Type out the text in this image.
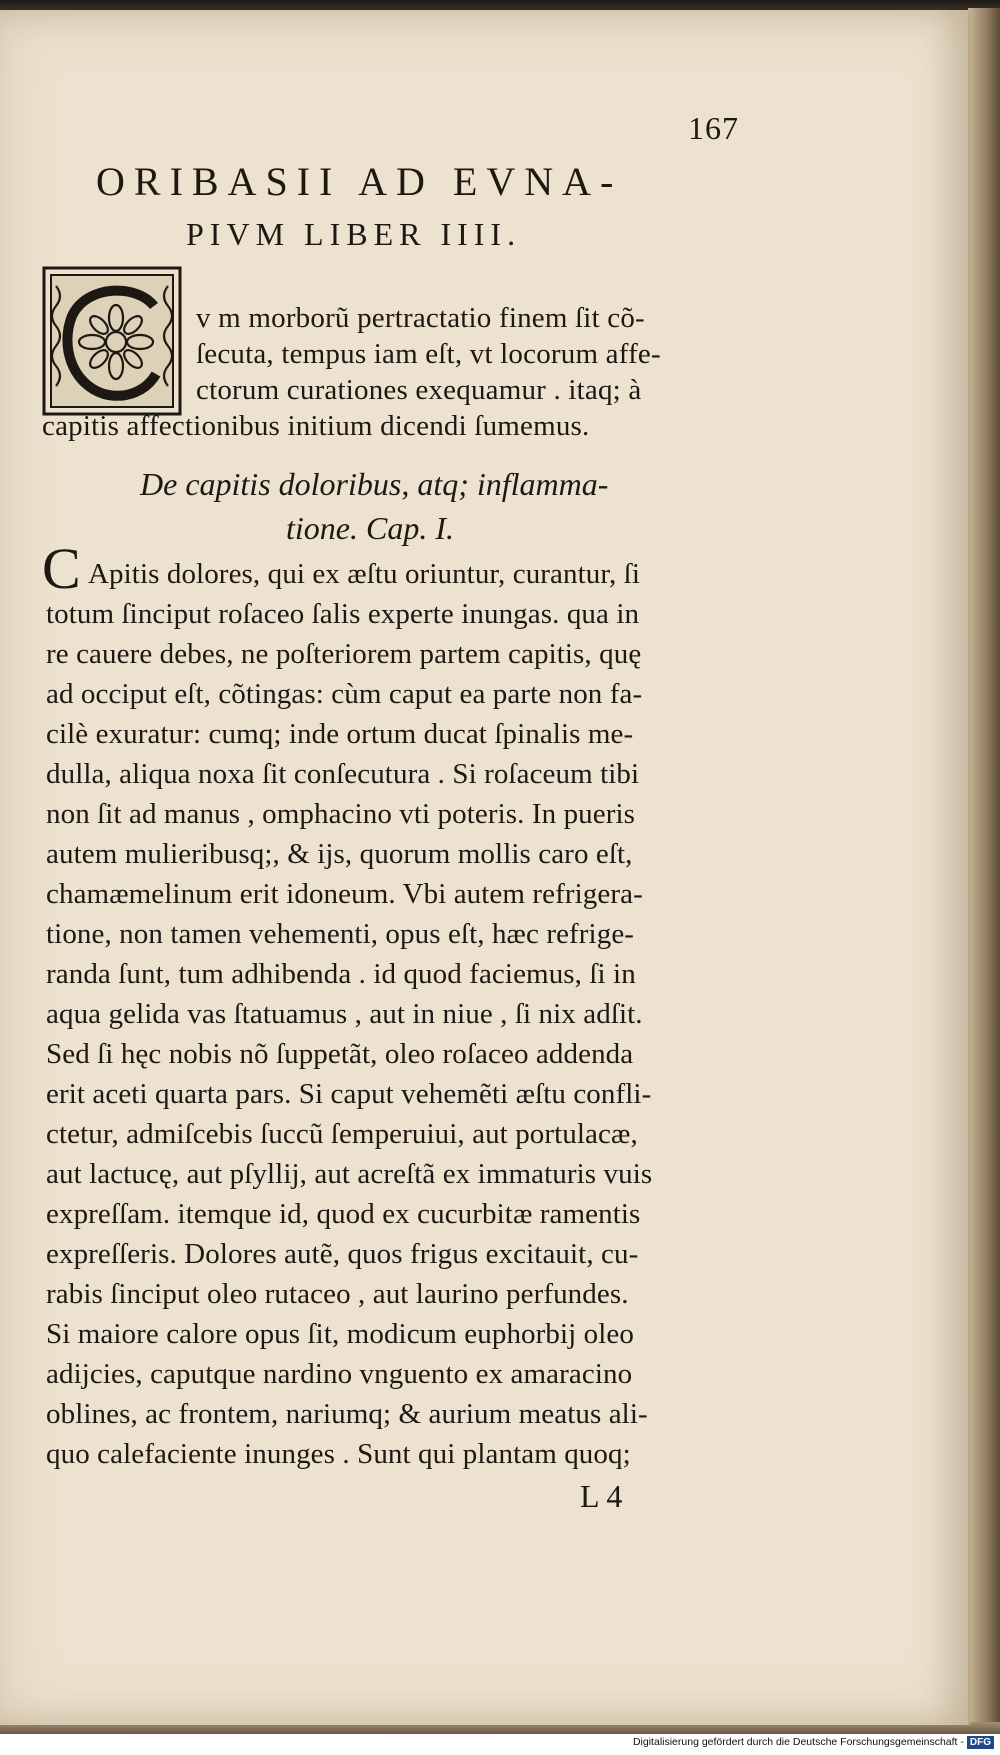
167
ORIBASII AD EVNA-
PIVM LIBER IIII.
v m morborũ pertractatio finem ſit cõ-
ſecuta, tempus iam eſt, vt locorum affe-
ctorum curationes exequamur . itaq; à
capitis affectionibus initium dicendi ſumemus.
De capitis doloribus, atq; inflamma-
tione. Cap. I.
C Apitis dolores, qui ex æſtu oriuntur, curantur, ſi
totum ſinciput roſaceo ſalis experte inungas. qua in
re cauere debes, ne poſteriorem partem capitis, quę
ad occiput eſt, cõtingas: cùm caput ea parte non fa-
cilè exuratur: cumq; inde ortum ducat ſpinalis me-
dulla, aliqua noxa ſit conſecutura . Si roſaceum tibi
non ſit ad manus , omphacino vti poteris. In pueris
autem mulieribusq;, & ijs, quorum mollis caro eſt,
chamæmelinum erit idoneum. Vbi autem refrigera-
tione, non tamen vehementi, opus eſt, hæc refrige-
randa ſunt, tum adhibenda . id quod faciemus, ſi in
aqua gelida vas ſtatuamus , aut in niue , ſi nix adſit.
Sed ſi hęc nobis nõ ſuppetãt, oleo roſaceo addenda
erit aceti quarta pars. Si caput vehemẽti æſtu confli-
ctetur, admiſcebis ſuccũ ſemperuiui, aut portulacæ,
aut lactucę, aut pſyllij, aut acreſtã ex immaturis vuis
expreſſam. itemque id, quod ex cucurbitæ ramentis
expreſſeris. Dolores autẽ, quos frigus excitauit, cu-
rabis ſinciput oleo rutaceo , aut laurino perfundes.
Si maiore calore opus ſit, modicum euphorbij oleo
adijcies, caputque nardino vnguento ex amaracino
oblines, ac frontem, nariumq; & aurium meatus ali-
quo calefaciente inunges . Sunt qui plantam quoq;
L 4
Digitalisierung gefördert durch die Deutsche Forschungsgemeinschaft - DFG
